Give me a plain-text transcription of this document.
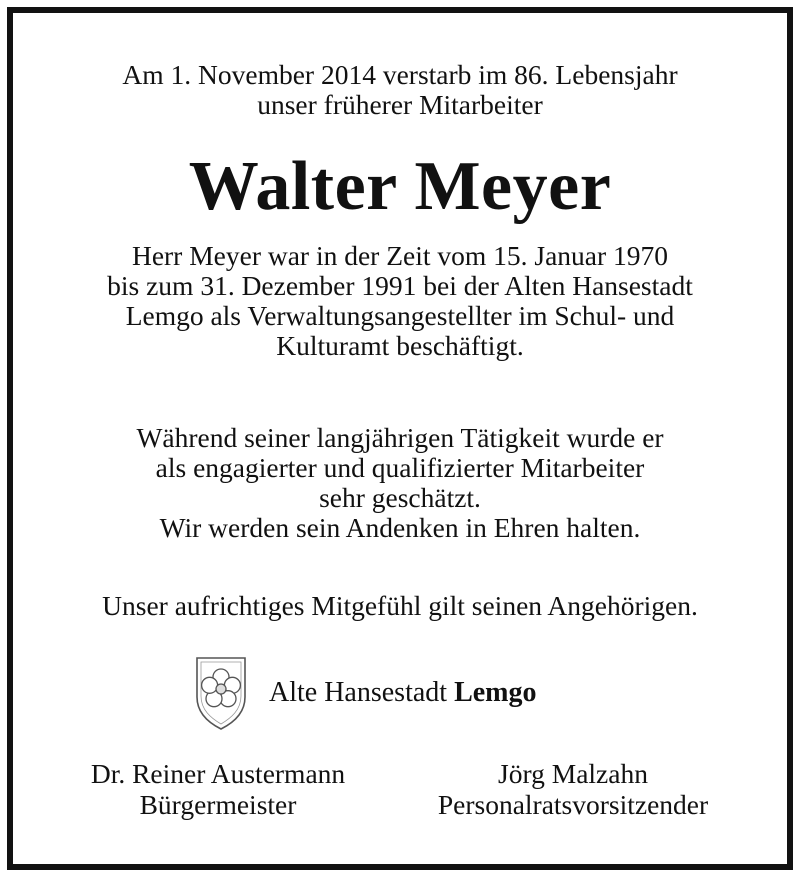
Am 1. November 2014 verstarb im 86. Lebensjahr
unser früherer Mitarbeiter

Walter Meyer

Herr Meyer war in der Zeit vom 15. Januar 1970
bis zum 31. Dezember 1991 bei der Alten Hansestadt
Lemgo als Verwaltungsangestellter im Schul- und
Kulturamt beschäftigt.

Während seiner langjährigen Tätigkeit wurde er
als engagierter und qualifizierter Mitarbeiter
sehr geschätzt.
Wir werden sein Andenken in Ehren halten.

Unser aufrichtiges Mitgefühl gilt seinen Angehörigen.

Alte Hansestadt Lemgo
Dr. Reiner Austermann
Bürgermeister
Jörg Malzahn
Personalratsvorsitzender
